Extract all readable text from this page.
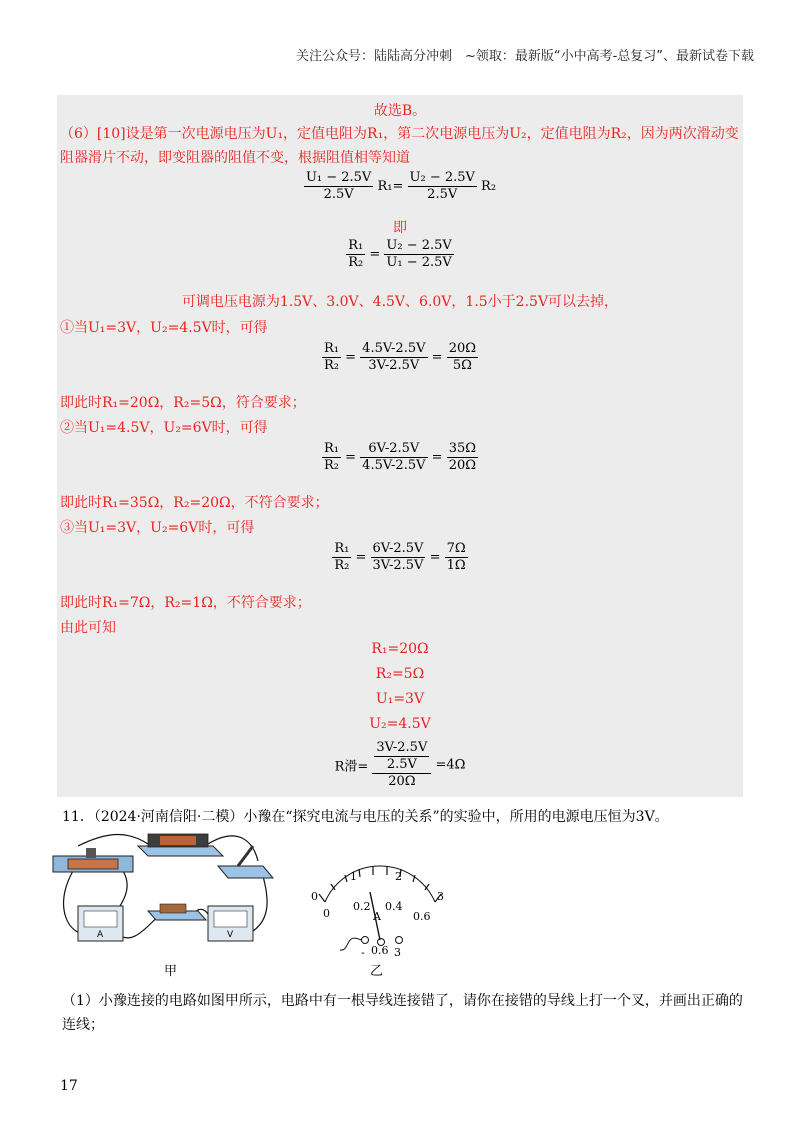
关注公众号：陆陆高分冲刺　~领取：最新版“小中高考-总复习”、最新试卷下载
故选B。
（6）[10]设是第一次电源电压为U₁，定值电阻为R₁，第二次电源电压为U₂，定值电阻为R₂，因为两次滑动变
阻器滑片不动，即变阻器的阻值不变，根据阻值相等知道
$\frac{\text{U₁ − 2.5V}}{2.5V} R_1= \frac{\text{U₂ − 2.5V}}{2.5V} R_2$
即
$\frac{\text{R₁}}{\text{R₂}} = \frac{\text{U₂ − 2.5V}}{\text{U₁ − 2.5V}}$
可调电压电源为1.5V、3.0V、4.5V、6.0V，1.5小于2.5V可以去掉，
①当U₁=3V，U₂=4.5V时，可得
$\frac{\text{R₁}}{\text{R₂}} = \frac{4.5V-2.5V}{3V-2.5V} = \frac{20\Omega}{5\Omega}$
即此时R₁=20Ω，R₂=5Ω，符合要求；
②当U₁=4.5V，U₂=6V时，可得
$\frac{\text{R₁}}{\text{R₂}} = \frac{6V-2.5V}{4.5V-2.5V} = \frac{35\Omega}{20\Omega}$
即此时R₁=35Ω，R₂=20Ω，不符合要求；
③当U₁=3V，U₂=6V时，可得
$\frac{\text{R₁}}{\text{R₂}} = \frac{6V-2.5V}{3V-2.5V} = \frac{7\Omega}{1\Omega}$
即此时R₁=7Ω，R₂=1Ω，不符合要求；
由此可知
R₁=20Ω
R₂=5Ω
U₁=3V
U₂=4.5V
R滑= $\frac{\frac{3V-2.5V}{2.5V}}{20\Omega} =4\Omega$
11．（2024·河南信阳·二模）小豫在“探究电流与电压的关系”的实验中，所用的电源电压恒为3V。
A	V
甲
0
1	2
3
0
0.2 0.4
0.6
A
- 0.6 3
乙
（1）小豫连接的电路如图甲所示，电路中有一根导线连接错了，请你在接错的导线上打一个叉，并画出正确的
连线；
17
